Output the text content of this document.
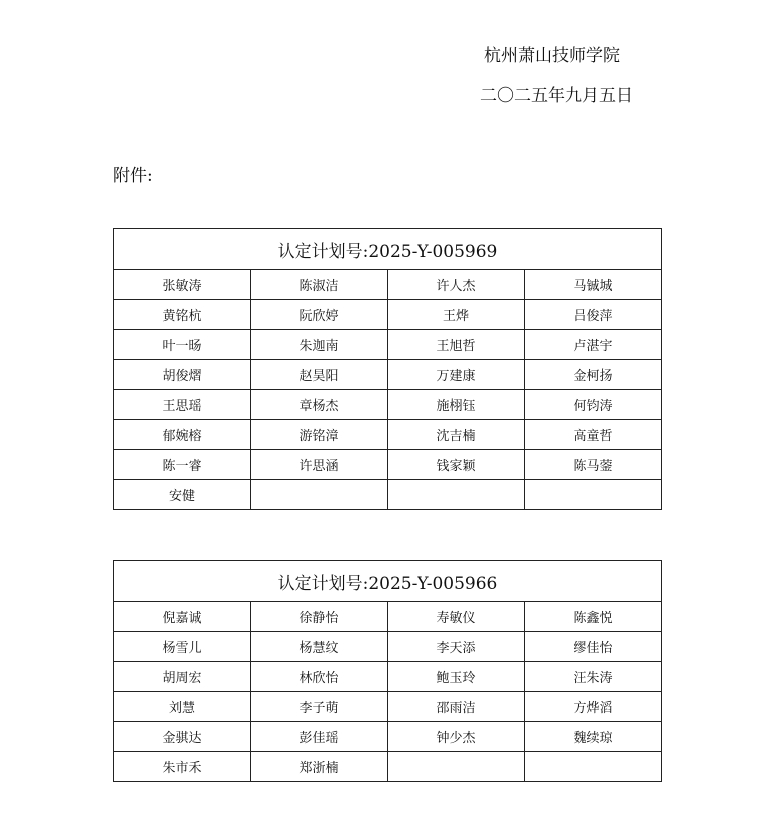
杭州萧山技师学院
二〇二五年九月五日
附件:
认定计划号:2025-Y-005969			
张敏涛	陈淑洁	许人杰	马铖城
黄铭杭	阮欣婷	王烨	吕俊萍
叶一旸	朱迦南	王旭哲	卢湛宇
胡俊熠	赵昊阳	万建康	金柯扬
王思瑶	章杨杰	施栩钰	何钧涛
郁婉榕	游铭漳	沈吉楠	高童哲
陈一睿	许思涵	钱家颖	陈马蓥
安健			
认定计划号:2025-Y-005966			
倪嘉诚	徐静怡	寿敏仪	陈鑫悦
杨雪儿	杨慧纹	李天添	缪佳怡
胡周宏	林欣怡	鲍玉玲	汪朱涛
刘慧	李子萌	邵雨洁	方烨滔
金骐达	彭佳瑶	钟少杰	魏续琼
朱市禾	郑浙楠		
